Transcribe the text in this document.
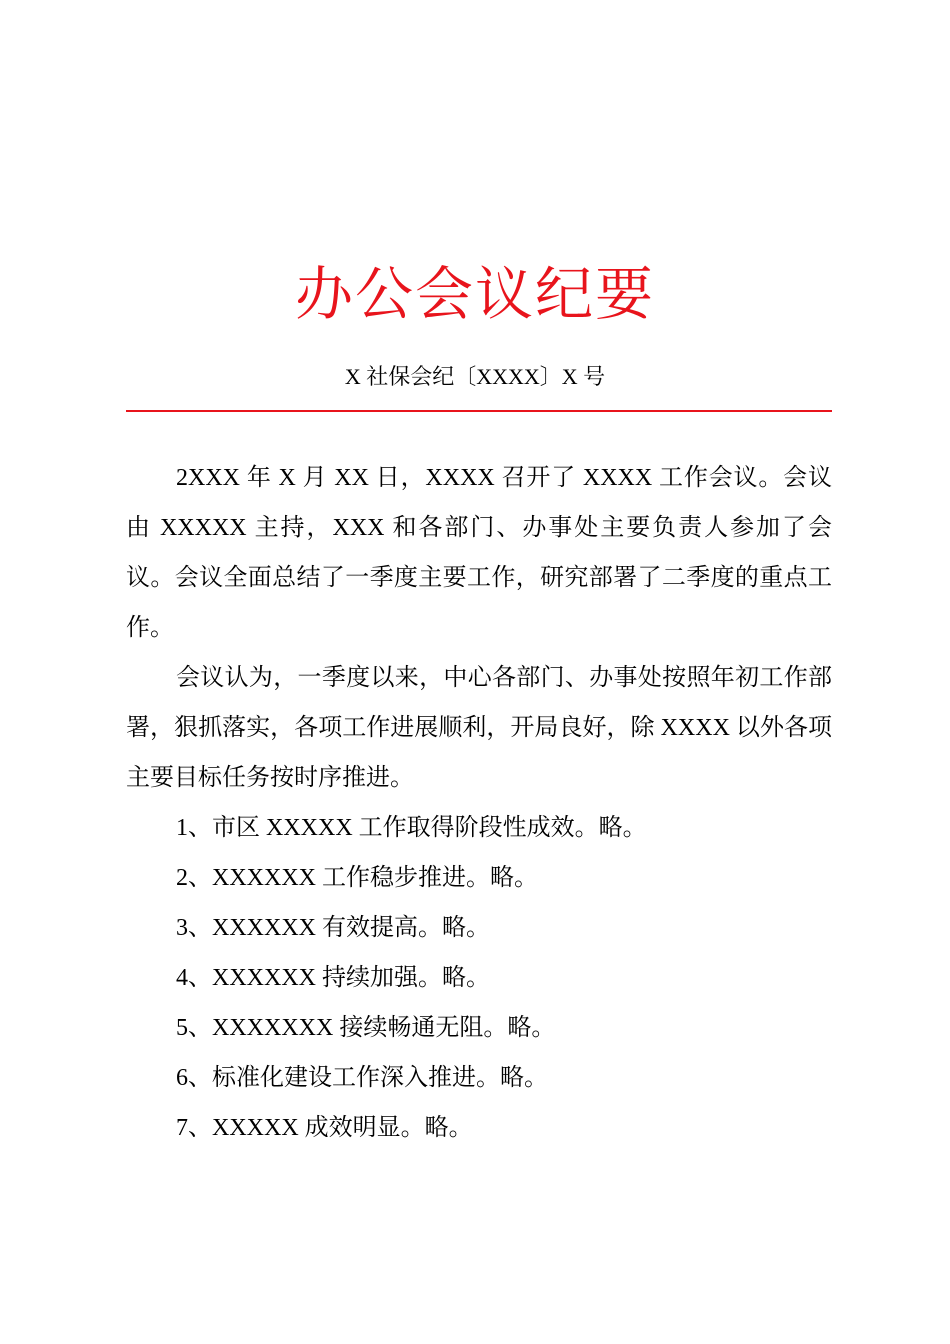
办公会议纪要
X 社保会纪〔XXXX〕X 号

2XXX 年 X 月 XX 日，XXXX 召开了 XXXX 工作会议。会议由 XXXXX 主持，XXX 和各部门、办事处主要负责人参加了会议。会议全面总结了一季度主要工作，研究部署了二季度的重点工作。

会议认为，一季度以来，中心各部门、办事处按照年初工作部署，狠抓落实，各项工作进展顺利，开局良好，除 XXXX 以外各项主要目标任务按时序推进。

1、市区 XXXXX 工作取得阶段性成效。略。
2、XXXXXX 工作稳步推进。略。
3、XXXXXX 有效提高。略。
4、XXXXXX 持续加强。略。
5、XXXXXXX 接续畅通无阻。略。
6、标准化建设工作深入推进。略。
7、XXXXX 成效明显。略。
